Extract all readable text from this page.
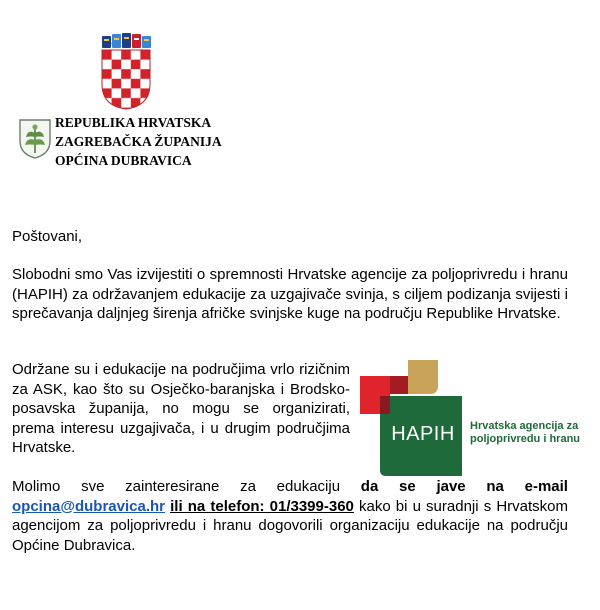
REPUBLIKA HRVATSKA
ZAGREBAČKA ŽUPANIJA
OPĆINA DUBRAVICA
Poštovani,
Slobodni smo Vas izvijestiti o spremnosti Hrvatske agencije za poljoprivredu i hranu (HAPIH) za održavanjem edukacije za uzgajivače svinja, s ciljem podizanja svijesti i sprečavanja daljnjeg širenja afričke svinjske kuge na području Republike Hrvatske.
Održane su i edukacije na područjima vrlo rizičnim za ASK, kao što su Osječko-baranjska i Brodsko-posavska županija, no mogu se organizirati, prema interesu uzgajivača, i u drugim područjima Hrvatske.
HAPIH	Hrvatska agencija za
poljoprivredu i hranu
Molimo sve zainteresirane za edukaciju da se jave na e-mail opcina@dubravica.hr ili na telefon: 01/3399-360 kako bi u suradnji s Hrvatskom agencijom za poljoprivredu i hranu dogovorili organizaciju edukacije na području Općine Dubravica.
